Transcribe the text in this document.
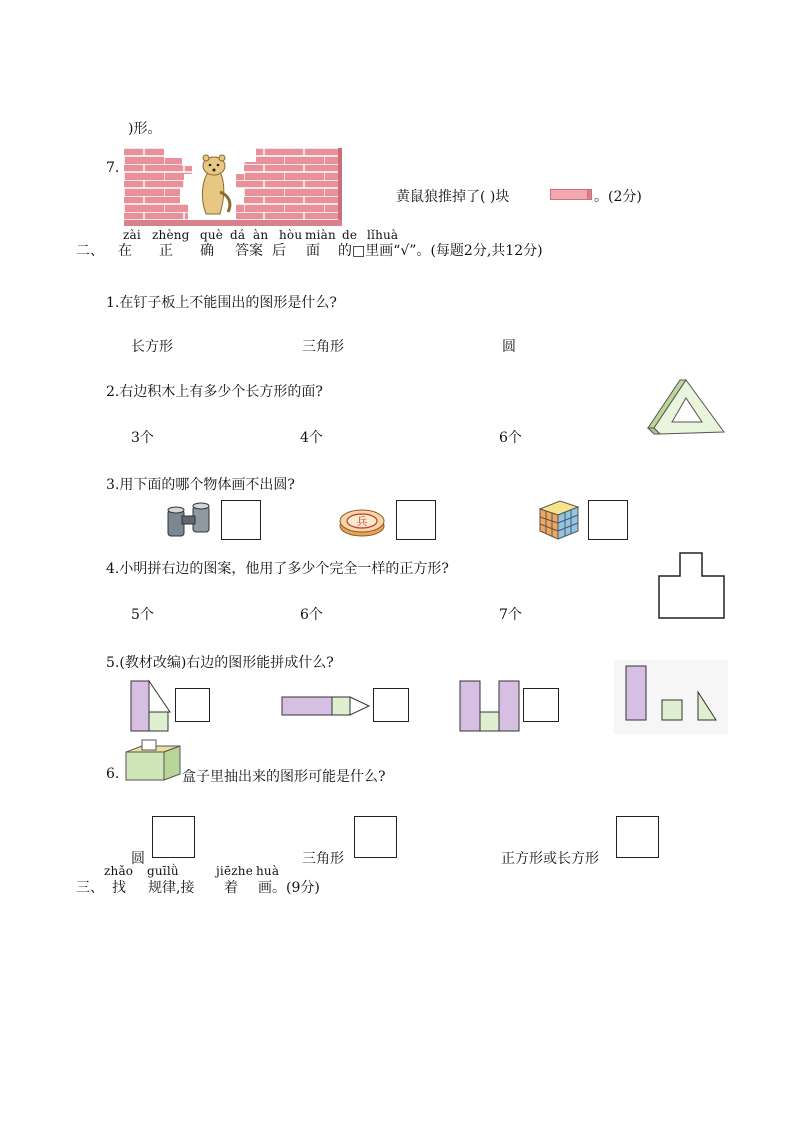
)形。
7.
黄鼠狼推掉了( )块	。(2分)
zài zhèng què dá àn hòu miàn de lǐhuà
二、 在 正 确 答案 后 面 的□里画“√”。(每题2分,共12分)
1.在钉子板上不能围出的图形是什么?
长方形	三角形	圆
2.右边积木上有多少个长方形的面?
3个	4个	6个
3.用下面的哪个物体画不出圆?
兵
4.小明拼右边的图案，他用了多少个完全一样的正方形?
5个	6个	7个
5.(教材改编)右边的图形能拼成什么?
6.	盒子里抽出来的图形可能是什么?
圆	三角形	正方形或长方形
zhǎo guīlǜ	jiēzhe huà
三、 找 规律,接 着 画。(9分)
